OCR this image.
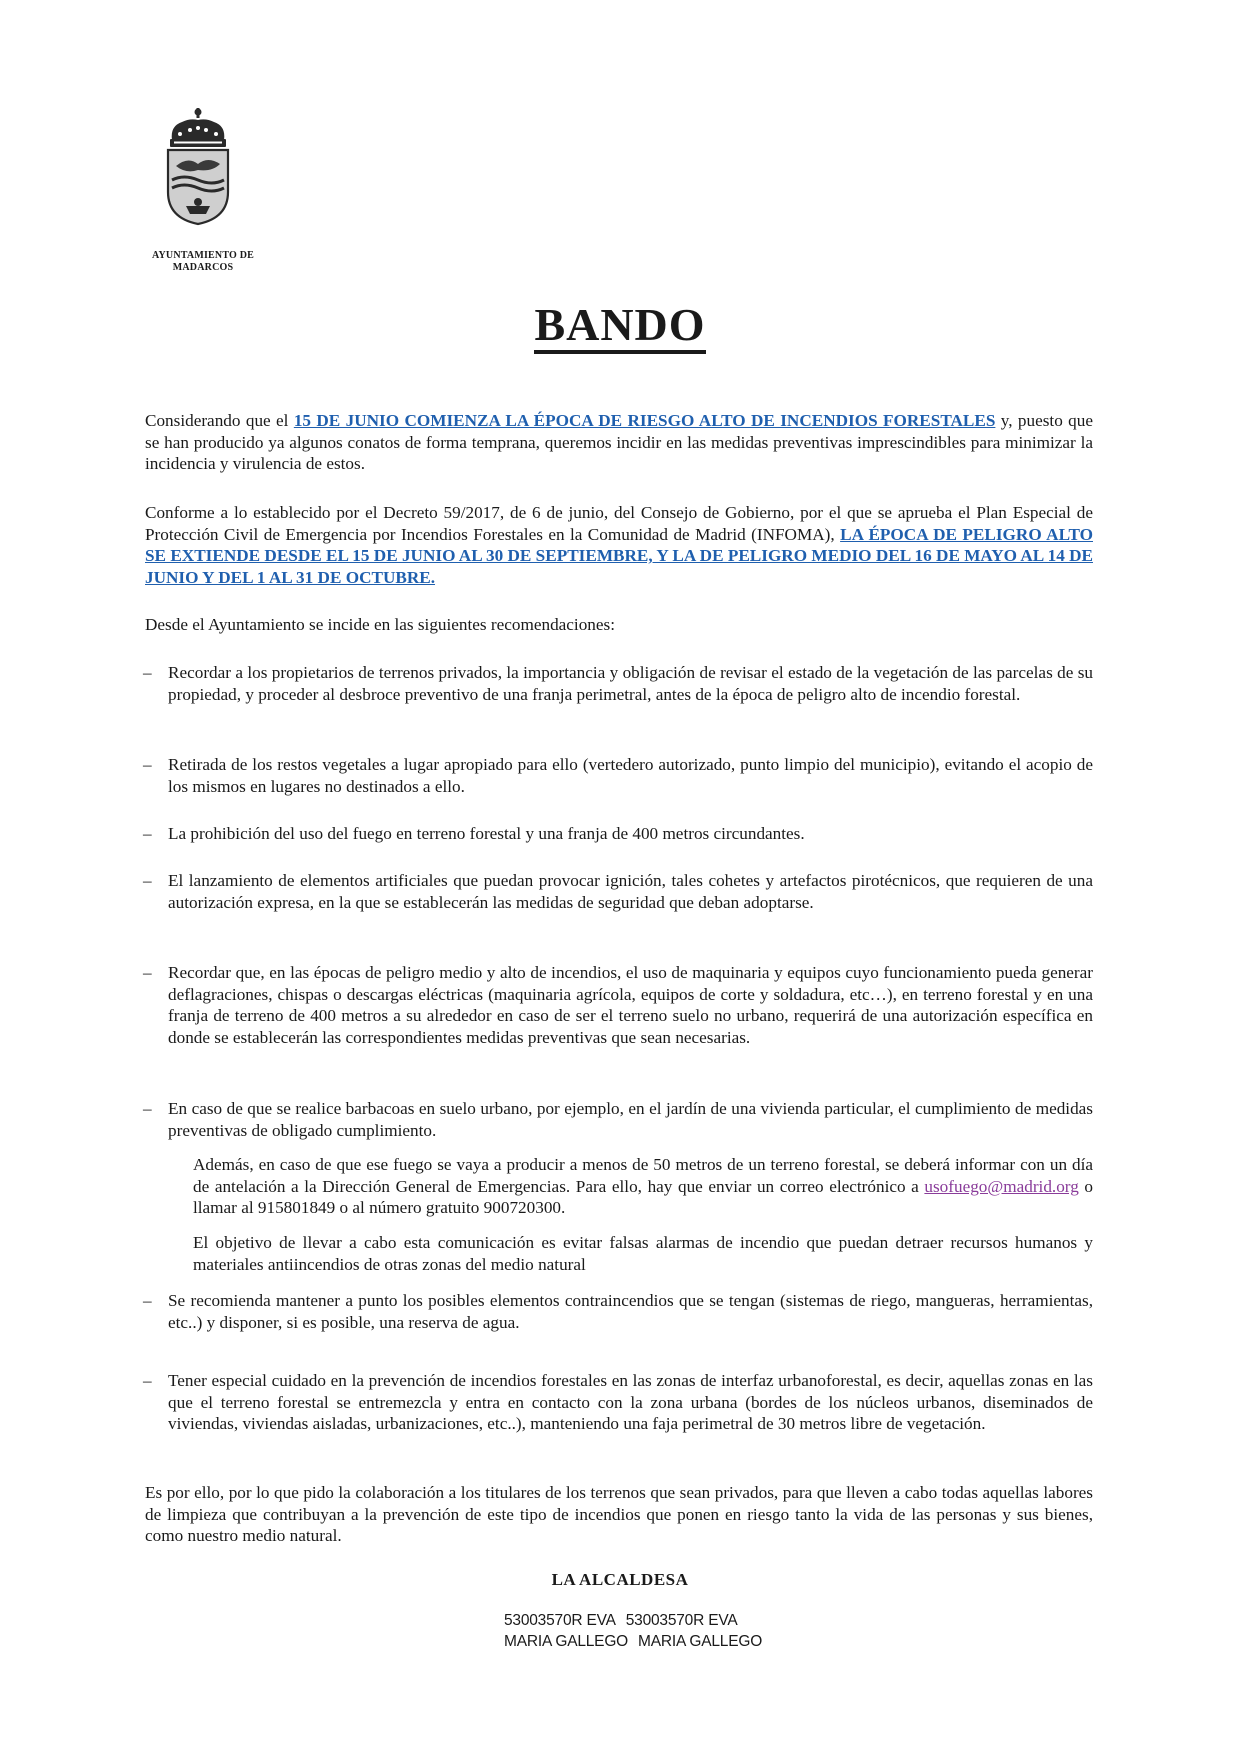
AYUNTAMIENTO DE
MADARCOS
BANDO

Considerando que el 15 DE JUNIO COMIENZA LA ÉPOCA DE RIESGO ALTO DE INCENDIOS FORESTALES y, puesto que se han producido ya algunos conatos de forma temprana, queremos incidir en las medidas preventivas imprescindibles para minimizar la incidencia y virulencia de estos.

Conforme a lo establecido por el Decreto 59/2017, de 6 de junio, del Consejo de Gobierno, por el que se aprueba el Plan Especial de Protección Civil de Emergencia por Incendios Forestales en la Comunidad de Madrid (INFOMA), LA ÉPOCA DE PELIGRO ALTO SE EXTIENDE DESDE EL 15 DE JUNIO AL 30 DE SEPTIEMBRE, Y LA DE PELIGRO MEDIO DEL 16 DE MAYO AL 14 DE JUNIO Y DEL 1 AL 31 DE OCTUBRE.

Desde el Ayuntamiento se incide en las siguientes recomendaciones:

– Recordar a los propietarios de terrenos privados, la importancia y obligación de revisar el estado de la vegetación de las parcelas de su propiedad, y proceder al desbroce preventivo de una franja perimetral, antes de la época de peligro alto de incendio forestal.
– Retirada de los restos vegetales a lugar apropiado para ello (vertedero autorizado, punto limpio del municipio), evitando el acopio de los mismos en lugares no destinados a ello.
– La prohibición del uso del fuego en terreno forestal y una franja de 400 metros circundantes.
– El lanzamiento de elementos artificiales que puedan provocar ignición, tales cohetes y artefactos pirotécnicos, que requieren de una autorización expresa, en la que se establecerán las medidas de seguridad que deban adoptarse.
– Recordar que, en las épocas de peligro medio y alto de incendios, el uso de maquinaria y equipos cuyo funcionamiento pueda generar deflagraciones, chispas o descargas eléctricas (maquinaria agrícola, equipos de corte y soldadura, etc…), en terreno forestal y en una franja de terreno de 400 metros a su alrededor en caso de ser el terreno suelo no urbano, requerirá de una autorización específica en donde se establecerán las correspondientes medidas preventivas que sean necesarias.
– En caso de que se realice barbacoas en suelo urbano, por ejemplo, en el jardín de una vivienda particular, el cumplimiento de medidas preventivas de obligado cumplimiento.
Además, en caso de que ese fuego se vaya a producir a menos de 50 metros de un terreno forestal, se deberá informar con un día de antelación a la Dirección General de Emergencias. Para ello, hay que enviar un correo electrónico a usofuego@madrid.org o llamar al 915801849 o al número gratuito 900720300.
El objetivo de llevar a cabo esta comunicación es evitar falsas alarmas de incendio que puedan detraer recursos humanos y materiales antiincendios de otras zonas del medio natural
– Se recomienda mantener a punto los posibles elementos contraincendios que se tengan (sistemas de riego, mangueras, herramientas, etc..) y disponer, si es posible, una reserva de agua.
– Tener especial cuidado en la prevención de incendios forestales en las zonas de interfaz urbanoforestal, es decir, aquellas zonas en las que el terreno forestal se entremezcla y entra en contacto con la zona urbana (bordes de los núcleos urbanos, diseminados de viviendas, viviendas aisladas, urbanizaciones, etc..), manteniendo una faja perimetral de 30 metros libre de vegetación.

Es por ello, por lo que pido la colaboración a los titulares de los terrenos que sean privados, para que lleven a cabo todas aquellas labores de limpieza que contribuyan a la prevención de este tipo de incendios que ponen en riesgo tanto la vida de las personas y sus bienes, como nuestro medio natural.

LA ALCALDESA
53003570R EVA 53003570R EVA
MARIA GALLEGO MARIA GALLEGO
